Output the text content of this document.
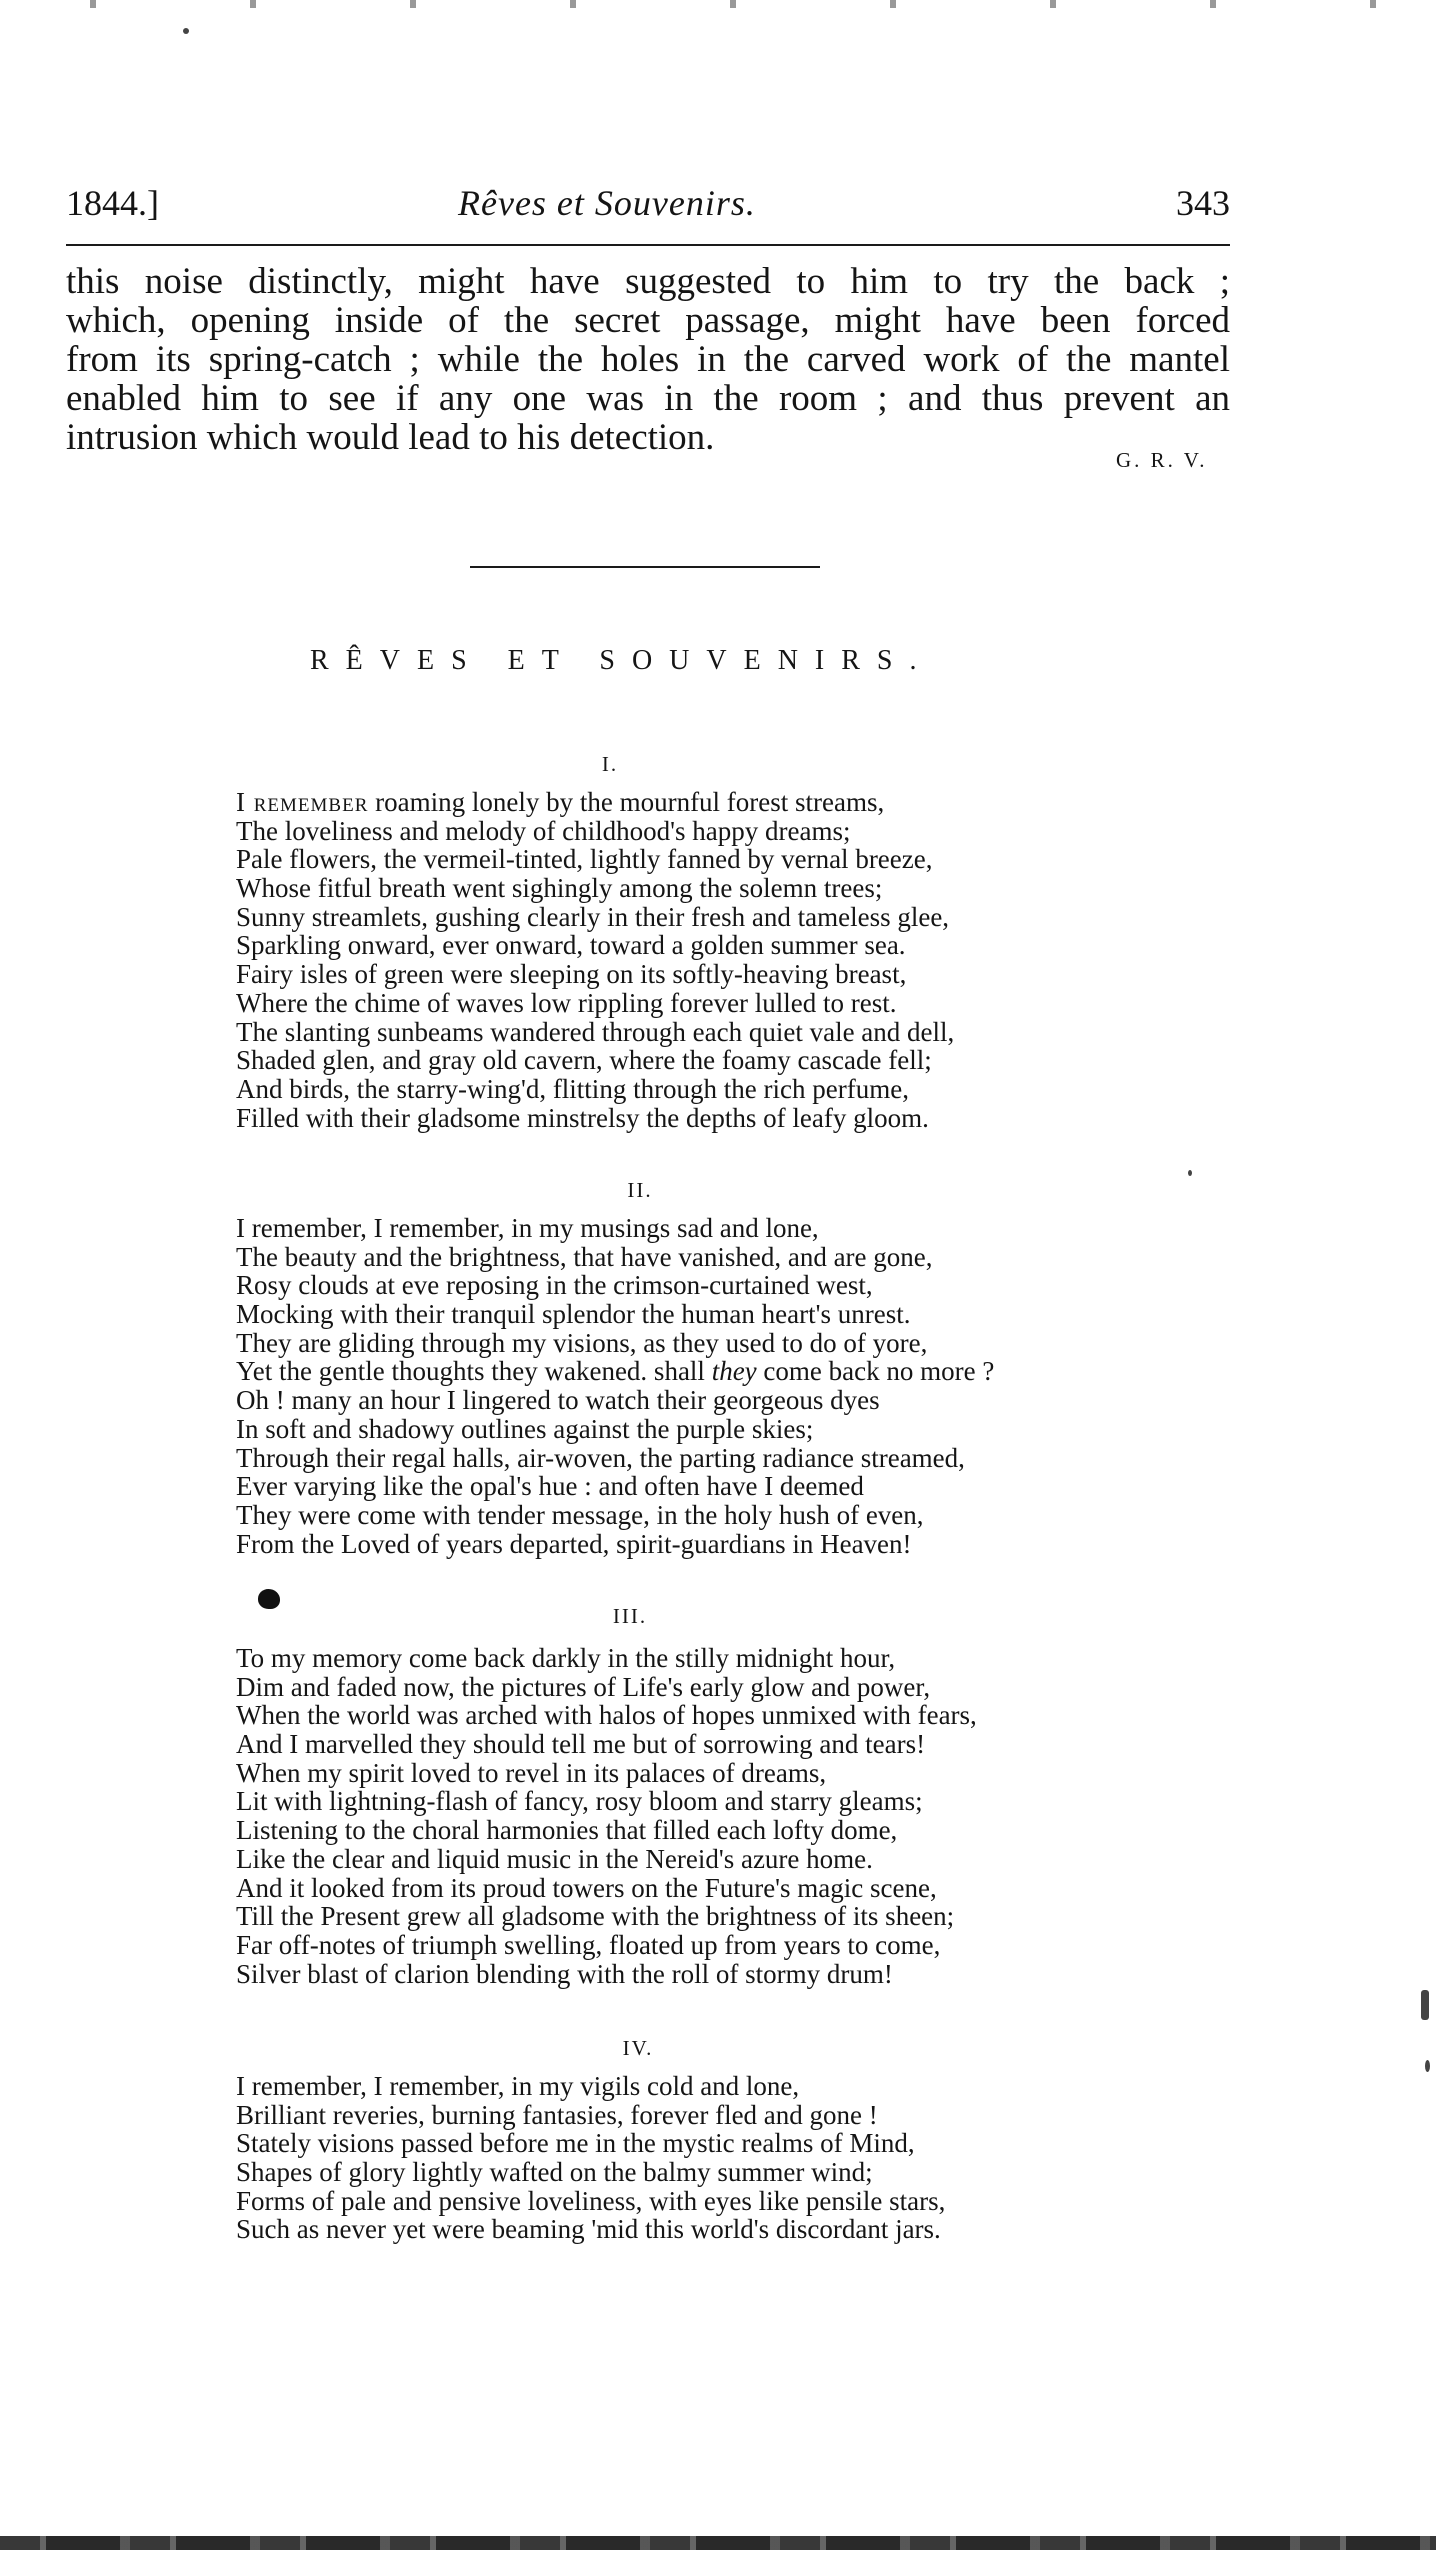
1844.]	Rêves et Souvenirs.	343
this noise distinctly, might have suggested to him to try the back ;
which, opening inside of the secret passage, might have been forced
from its spring-catch ; while the holes in the carved work of the mantel
enabled him to see if any one was in the room ; and thus prevent an
intrusion which would lead to his detection.
G. R. V.
RÊVES ET SOUVENIRS.
I.
I remember roaming lonely by the mournful forest streams,
The loveliness and melody of childhood's happy dreams;
Pale flowers, the vermeil-tinted, lightly fanned by vernal breeze,
Whose fitful breath went sighingly among the solemn trees;
Sunny streamlets, gushing clearly in their fresh and tameless glee,
Sparkling onward, ever onward, toward a golden summer sea.
Fairy isles of green were sleeping on its softly-heaving breast,
Where the chime of waves low rippling forever lulled to rest.
The slanting sunbeams wandered through each quiet vale and dell,
Shaded glen, and gray old cavern, where the foamy cascade fell;
And birds, the starry-wing'd, flitting through the rich perfume,
Filled with their gladsome minstrelsy the depths of leafy gloom.
II.
I remember, I remember, in my musings sad and lone,
The beauty and the brightness, that have vanished, and are gone,
Rosy clouds at eve reposing in the crimson-curtained west,
Mocking with their tranquil splendor the human heart's unrest.
They are gliding through my visions, as they used to do of yore,
Yet the gentle thoughts they wakened. shall they come back no more ?
Oh ! many an hour I lingered to watch their georgeous dyes
In soft and shadowy outlines against the purple skies;
Through their regal halls, air-woven, the parting radiance streamed,
Ever varying like the opal's hue : and often have I deemed
They were come with tender message, in the holy hush of even,
From the Loved of years departed, spirit-guardians in Heaven!
III.
To my memory come back darkly in the stilly midnight hour,
Dim and faded now, the pictures of Life's early glow and power,
When the world was arched with halos of hopes unmixed with fears,
And I marvelled they should tell me but of sorrowing and tears!
When my spirit loved to revel in its palaces of dreams,
Lit with lightning-flash of fancy, rosy bloom and starry gleams;
Listening to the choral harmonies that filled each lofty dome,
Like the clear and liquid music in the Nereid's azure home.
And it looked from its proud towers on the Future's magic scene,
Till the Present grew all gladsome with the brightness of its sheen;
Far off-notes of triumph swelling, floated up from years to come,
Silver blast of clarion blending with the roll of stormy drum!
IV.
I remember, I remember, in my vigils cold and lone,
Brilliant reveries, burning fantasies, forever fled and gone !
Stately visions passed before me in the mystic realms of Mind,
Shapes of glory lightly wafted on the balmy summer wind;
Forms of pale and pensive loveliness, with eyes like pensile stars,
Such as never yet were beaming 'mid this world's discordant jars.
